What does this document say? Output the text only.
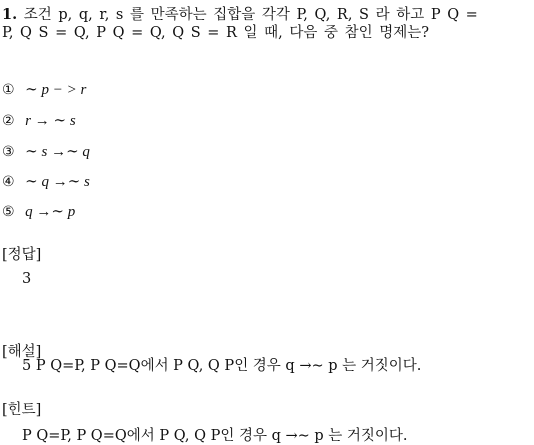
1. 조건 p, q, r, s 를 만족하는 집합을 각각 P, Q, R, S 라 하고 P Q =
P, Q S = Q, P Q = Q, Q S = R 일 때, 다음 중 참인 명제는?
① ∼ p − > r
② r → ∼ s
③ ∼ s →∼ q
④ ∼ q →∼ s
⑤ q →∼ p
[정답]
3
[해설]
5 P Q=P, P Q=Q에서 P Q, Q P인 경우 q →∼ p 는 거짓이다.
[힌트]
P Q=P, P Q=Q에서 P Q, Q P인 경우 q →∼ p 는 거짓이다.
